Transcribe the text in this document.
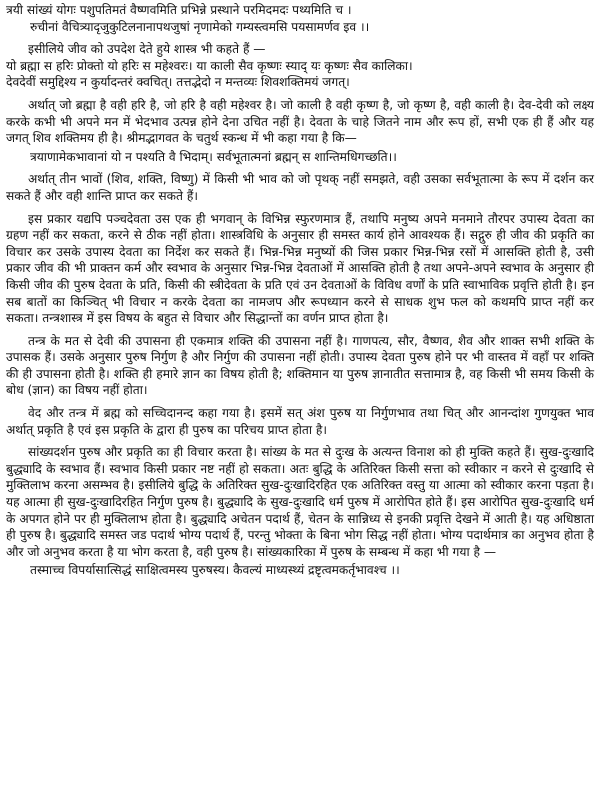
त्रयी सांख्यं योगः पशुपतिमतं वैष्णवमिति प्रभिन्ने प्रस्थाने परमिदमदः पथ्यमिति च ।

रुचीनां वैचित्र्यादृजुकुटिलनानापथजुषां नृणामेको गम्यस्त्वमसि पयसामर्णव इव ।।

इसीलिये जीव को उपदेश देते हुये शास्त्र भी कहते हैं —

यो ब्रह्मा स हरिः प्रोक्तो यो हरिः स महेश्वरः। या काली सैव कृष्णः स्याद्‌ यः कृष्णः सैव कालिका।

देवदेवीं समुद्दिश्य न कुर्यादन्तरं क्वचित्‌। तत्तद्भेदो न मन्तव्यः शिवशक्तिमयं जगत्‌।

अर्थात्‌ जो ब्रह्मा है वही हरि है, जो हरि है वही महेश्वर है। जो काली है वही कृष्ण है, जो कृष्ण है, वही काली है। देव-देवी को लक्ष्य करके कभी भी अपने मन में भेदभाव उत्पन्न होने देना उचित नहीं है। देवता के चाहे जितने नाम और रूप हों, सभी एक ही हैं और यह जगत्‌ शिव शक्तिमय ही है। श्रीमद्भागवत के चतुर्थ स्कन्ध में भी कहा गया है कि—

त्रयाणामेकभावानां यो न पश्यति वै भिदाम्‌। सर्वभूतात्मनां ब्रह्मन्‌ स शान्तिमधिगच्छति।।

अर्थात्‌ तीन भावों (शिव, शक्ति, विष्णु) में किसी भी भाव को जो पृथक्‌ नहीं समझते, वही उसका सर्वभूतात्मा के रूप में दर्शन कर सकते हैं और वही शान्ति प्राप्त कर सकते हैं।

इस प्रकार यद्यपि पञ्चदेवता उस एक ही भगवान्‌ के विभिन्न स्फुरणमात्र हैं, तथापि मनुष्य अपने मनमाने तौरपर उपास्य देवता का ग्रहण नहीं कर सकता, करने से ठीक नहीं होता। शास्त्रविधि के अनुसार ही समस्त कार्य होने आवश्यक हैं। सद्गुरु ही जीव की प्रकृति का विचार कर उसके उपास्य देवता का निर्देश कर सकते हैं। भिन्न-भिन्न मनुष्यों की जिस प्रकार भिन्न-भिन्न रसों में आसक्ति होती है, उसी प्रकार जीव की भी प्राक्तन कर्म और स्वभाव के अनुसार भिन्न-भिन्न देवताओं में आसक्ति होती है तथा अपने-अपने स्वभाव के अनुसार ही किसी जीव की पुरुष देवता के प्रति, किसी की स्त्रीदेवता के प्रति एवं उन देवताओं के विविध वर्णों के प्रति स्वाभाविक प्रवृत्ति होती है। इन सब बातों का किञ्चित्‌ भी विचार न करके देवता का नामजप और रूपध्यान करने से साधक शुभ फल को कथमपि प्राप्त नहीं कर सकता। तन्त्रशास्त्र में इस विषय के बहुत से विचार और सिद्धान्तों का वर्णन प्राप्त होता है।

तन्त्र के मत से देवी की उपासना ही एकमात्र शक्ति की उपासना नहीं है। गाणपत्य, सौर, वैष्णव, शैव और शाक्त सभी शक्ति के उपासक हैं। उसके अनुसार पुरुष निर्गुण है और निर्गुण की उपासना नहीं होती। उपास्य देवता पुरुष होने पर भी वास्तव में वहाँ पर शक्ति की ही उपासना होती है। शक्ति ही हमारे ज्ञान का विषय होती है; शक्तिमान या पुरुष ज्ञानातीत सत्तामात्र है, वह किसी भी समय किसी के बोध (ज्ञान) का विषय नहीं होता।

वेद और तन्त्र में ब्रह्म को सच्चिदानन्द कहा गया है। इसमें सत्‌ अंश पुरुष या निर्गुणभाव तथा चित्‌ और आनन्दांश गुणयुक्त भाव अर्थात्‌ प्रकृति है एवं इस प्रकृति के द्वारा ही पुरुष का परिचय प्राप्त होता है।

सांख्यदर्शन पुरुष और प्रकृति का ही विचार करता है। सांख्य के मत से दुःख के अत्यन्त विनाश को ही मुक्ति कहते हैं। सुख-दुःखादि बुद्ध्यादि के स्वभाव हैं। स्वभाव किसी प्रकार नष्ट नहीं हो सकता। अतः बुद्धि के अतिरिक्त किसी सत्ता को स्वीकार न करने से दुःखादि से मुक्तिलाभ करना असम्भव है। इसीलिये बुद्धि के अतिरिक्त सुख-दुःखादिरहित एक अतिरिक्त वस्तु या आत्मा को स्वीकार करना पड़ता है। यह आत्मा ही सुख-दुःखादिरहित निर्गुण पुरुष है। बुद्ध्यादि के सुख-दुःखादि धर्म पुरुष में आरोपित होते हैं। इस आरोपित सुख-दुःखादि धर्म के अपगत होने पर ही मुक्तिलाभ होता है। बुद्ध्यादि अचेतन पदार्थ हैं, चेतन के सान्निध्य से इनकी प्रवृत्ति देखने में आती है। यह अधिष्ठाता ही पुरुष है। बुद्ध्यादि समस्त जड पदार्थ भोग्य पदार्थ हैं, परन्तु भोक्ता के बिना भोग सिद्ध नहीं होता। भोग्य पदार्थमात्र का अनुभव होता है और जो अनुभव करता है या भोग करता है, वही पुरुष है। सांख्यकारिका में पुरुष के सम्बन्ध में कहा भी गया है —

तस्माच्च विपर्यासात्सिद्धं साक्षित्वमस्य पुरुषस्य। कैवल्यं माध्यस्थ्यं द्रष्टृत्वमकर्तृभावश्च ।।
